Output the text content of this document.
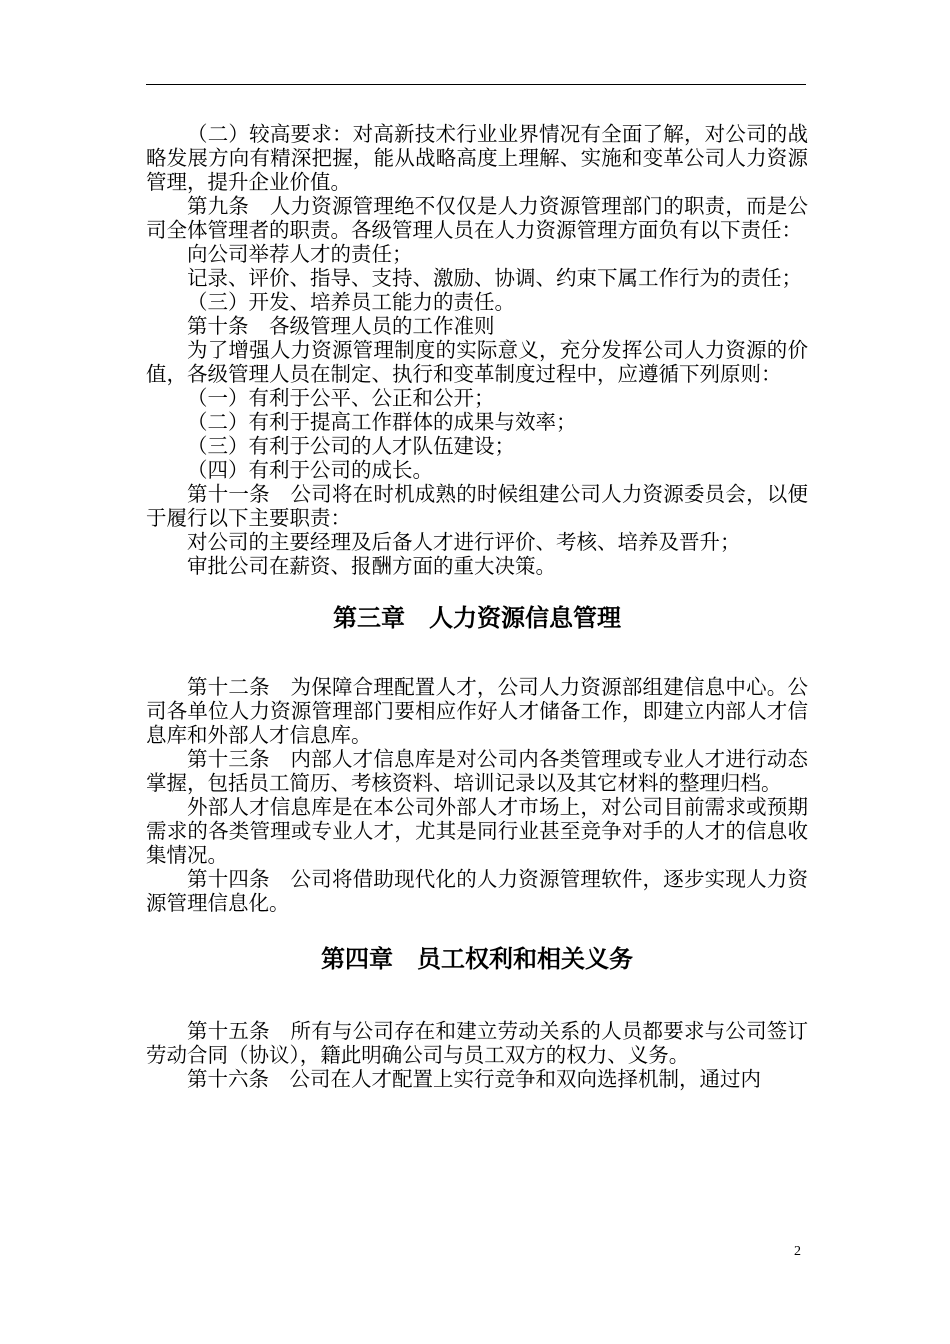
（二）较高要求：对高新技术行业业界情况有全面了解，对公司的战略发展方向有精深把握，能从战略高度上理解、实施和变革公司人力资源管理，提升企业价值。

第九条　人力资源管理绝不仅仅是人力资源管理部门的职责，而是公司全体管理者的职责。各级管理人员在人力资源管理方面负有以下责任：

向公司举荐人才的责任；

记录、评价、指导、支持、激励、协调、约束下属工作行为的责任；

（三）开发、培养员工能力的责任。

第十条　各级管理人员的工作准则

为了增强人力资源管理制度的实际意义，充分发挥公司人力资源的价值，各级管理人员在制定、执行和变革制度过程中，应遵循下列原则：

（一）有利于公平、公正和公开；

（二）有利于提高工作群体的成果与效率；

（三）有利于公司的人才队伍建设；

（四）有利于公司的成长。

第十一条　公司将在时机成熟的时候组建公司人力资源委员会，以便于履行以下主要职责：

对公司的主要经理及后备人才进行评价、考核、培养及晋升；

审批公司在薪资、报酬方面的重大决策。

第三章　人力资源信息管理

第十二条　为保障合理配置人才，公司人力资源部组建信息中心。公司各单位人力资源管理部门要相应作好人才储备工作，即建立内部人才信息库和外部人才信息库。

第十三条　内部人才信息库是对公司内各类管理或专业人才进行动态掌握，包括员工简历、考核资料、培训记录以及其它材料的整理归档。

外部人才信息库是在本公司外部人才市场上，对公司目前需求或预期需求的各类管理或专业人才，尤其是同行业甚至竞争对手的人才的信息收集情况。

第十四条　公司将借助现代化的人力资源管理软件，逐步实现人力资源管理信息化。

第四章　员工权利和相关义务

第十五条　所有与公司存在和建立劳动关系的人员都要求与公司签订劳动合同（协议），籍此明确公司与员工双方的权力、义务。

第十六条　公司在人才配置上实行竞争和双向选择机制，通过内

2
